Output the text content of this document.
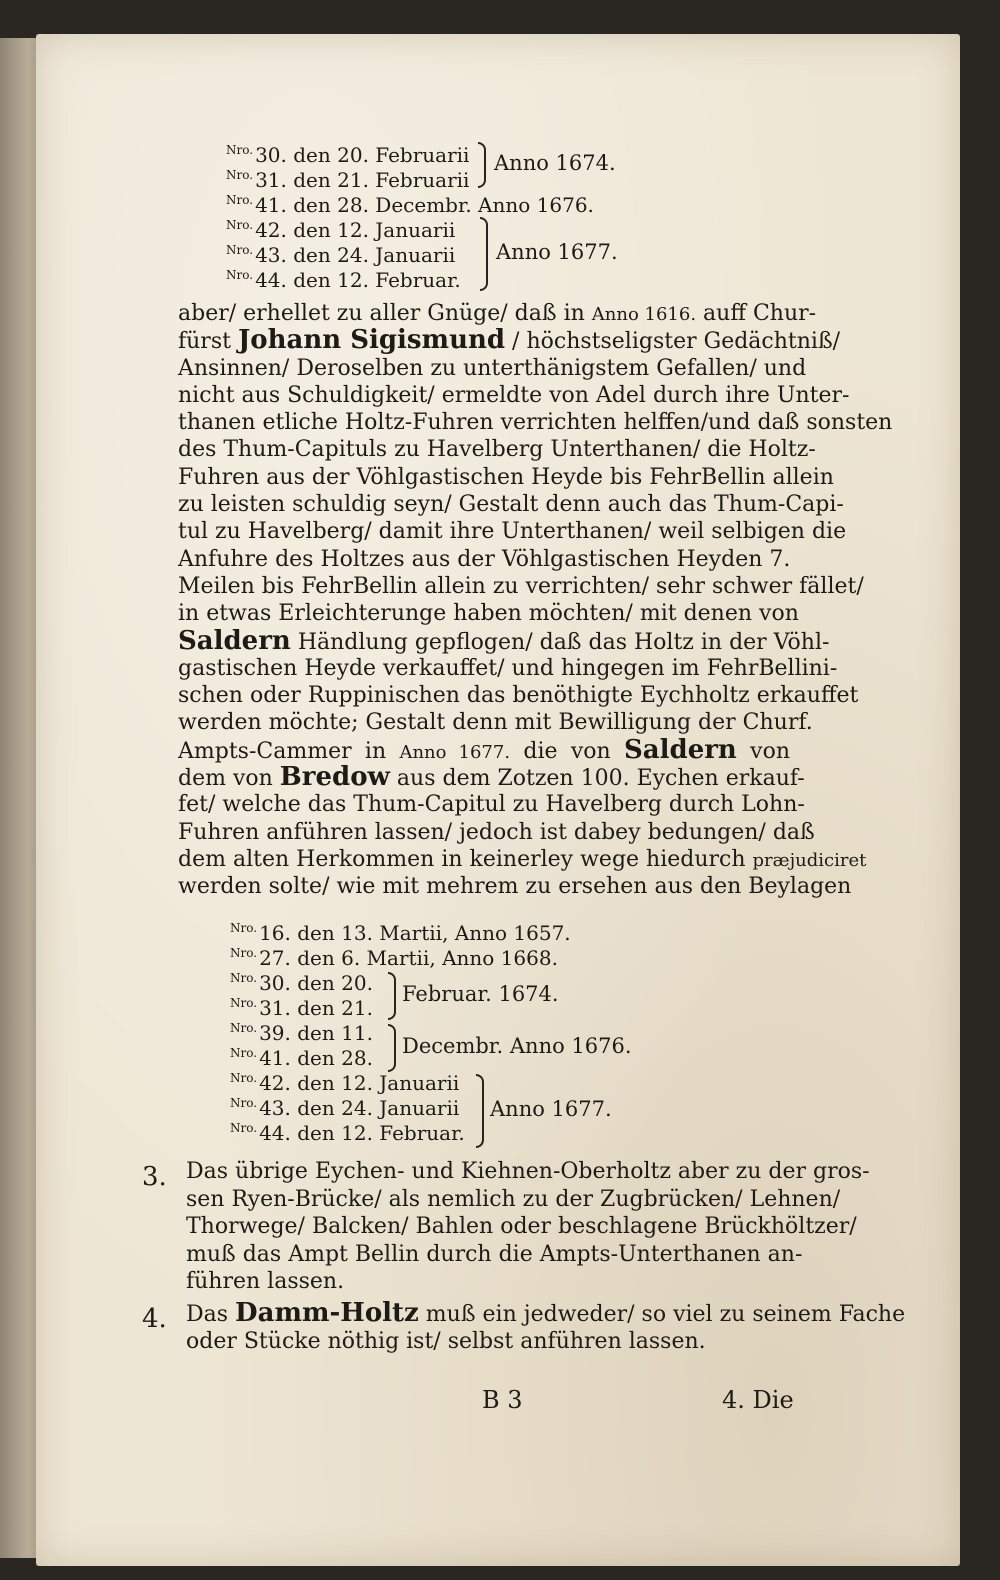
$^{Nro.}$ 30. den 20. Februarii
$^{Nro.}$ 31. den 21. Februarii
$^{Nro.}$ 41. den 28. Decembr. Anno 1676.
$^{Nro.}$ 42. den 12. Januarii
$^{Nro.}$ 43. den 24. Januarii
$^{Nro.}$ 44. den 12. Februar.
Anno 1674.
Anno 1677.
aber/ erhellet zu aller Gnüge/ daß in Anno 1616. auff Chur-
fürst Johann Sigismund / höchstseligster Gedächtniß/
Ansinnen/ Deroselben zu unterthänigstem Gefallen/ und
nicht aus Schuldigkeit/ ermeldte von Adel durch ihre Unter-
thanen etliche Holtz-Fuhren verrichten helffen/und daß sonsten
des Thum-Capituls zu Havelberg Unterthanen/ die Holtz-
Fuhren aus der Vöhlgastischen Heyde bis FehrBellin allein
zu leisten schuldig seyn/ Gestalt denn auch das Thum-Capi-
tul zu Havelberg/ damit ihre Unterthanen/ weil selbigen die
Anfuhre des Holtzes aus der Vöhlgastischen Heyden 7.
Meilen bis FehrBellin allein zu verrichten/ sehr schwer fället/
in etwas Erleichterunge haben möchten/ mit denen von
Saldern Händlung gepflogen/ daß das Holtz in der Vöhl-
gastischen Heyde verkauffet/ und hingegen im FehrBellini-
schen oder Ruppinischen das benöthigte Eychholtz erkauffet
werden möchte; Gestalt denn mit Bewilligung der Churf.
Ampts-Cammer in Anno 1677. die von Saldern von
dem von Bredow aus dem Zotzen 100. Eychen erkauf-
fet/ welche das Thum-Capitul zu Havelberg durch Lohn-
Fuhren anführen lassen/ jedoch ist dabey bedungen/ daß
dem alten Herkommen in keinerley wege hiedurch præjudiciret
werden solte/ wie mit mehrem zu ersehen aus den Beylagen
$^{Nro.}$ 16. den 13. Martii, Anno 1657.
$^{Nro.}$ 27. den 6. Martii, Anno 1668.
$^{Nro.}$ 30. den 20.
$^{Nro.}$ 31. den 21.
$^{Nro.}$ 39. den 11.
$^{Nro.}$ 41. den 28.
$^{Nro.}$ 42. den 12. Januarii
$^{Nro.}$ 43. den 24. Januarii
$^{Nro.}$ 44. den 12. Februar.
Februar. 1674.
Decembr. Anno 1676.
Anno 1677.
3. Das übrige Eychen- und Kiehnen-Oberholtz aber zu der gros-
sen Ryen-Brücke/ als nemlich zu der Zugbrücken/ Lehnen/
Thorwege/ Balcken/ Bahlen oder beschlagene Brückhöltzer/
muß das Ampt Bellin durch die Ampts-Unterthanen an-
führen lassen.
4. Das Damm-Holtz muß ein jedweder/ so viel zu seinem Fache
oder Stücke nöthig ist/ selbst anführen lassen.
B 3	4. Die
